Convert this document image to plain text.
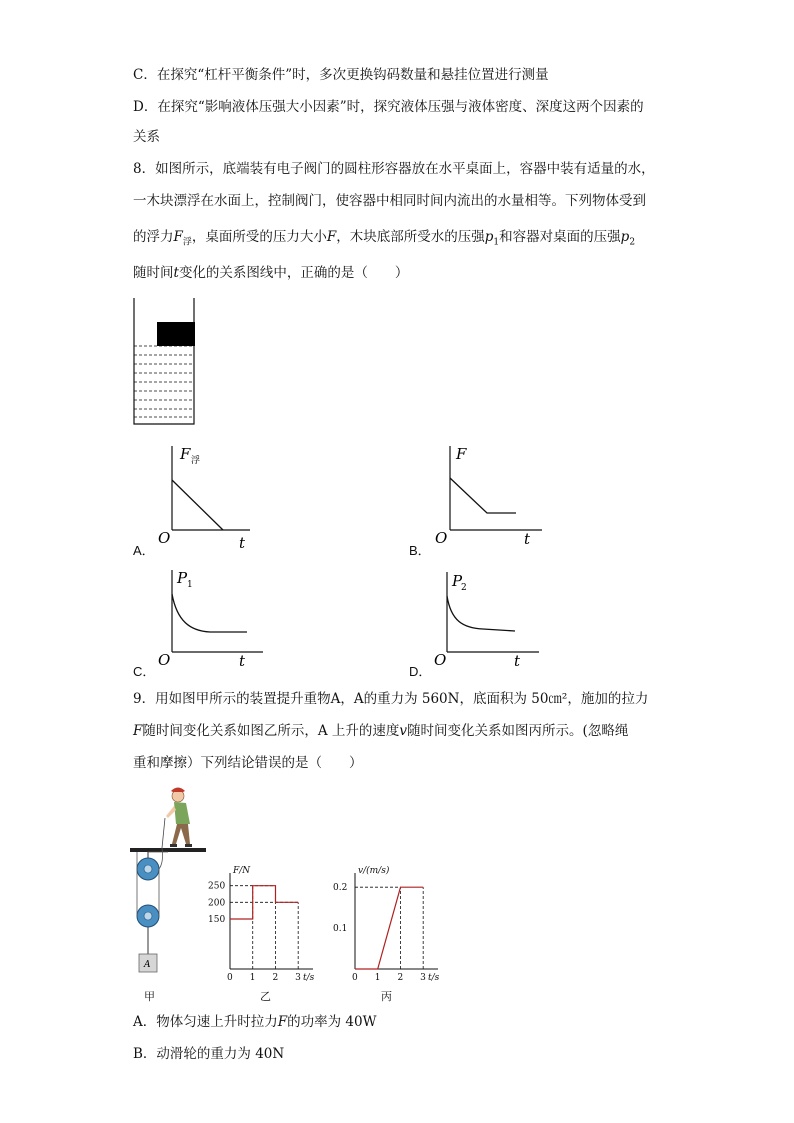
C．在探究“杠杆平衡条件”时，多次更换钩码数量和悬挂位置进行测量
D．在探究“影响液体压强大小因素”时，探究液体压强与液体密度、深度这两个因素的
关系
8．如图所示，底端装有电子阀门的圆柱形容器放在水平桌面上，容器中装有适量的水，
一木块漂浮在水面上，控制阀门，使容器中相同时间内流出的水量相等。下列物体受到
的浮力$F_浮$，桌面所受的压力大小F，木块底部所受水的压强$p_1$和容器对桌面的压强$p_2$
随时间t变化的关系图线中，正确的是（　　）
A．
F 浮
O	t	B．
F
O	t
C．
P 1
O	t
D．
P
2
O	t
9．用如图甲所示的装置提升重物A，A的重力为 560N，底面积为 50㎝²，施加的拉力
F随时间变化关系如图乙所示，A 上升的速度v随时间变化关系如图丙所示。(忽略绳
重和摩擦）下列结论错误的是（　　）
A
甲
F/N
t/s
0 1 2 3
250
200
150
乙
v/(m/s)
t/s
0 1 2 3
0.2
0.1
丙
A．物体匀速上升时拉力F的功率为 40W
B．动滑轮的重力为 40N
